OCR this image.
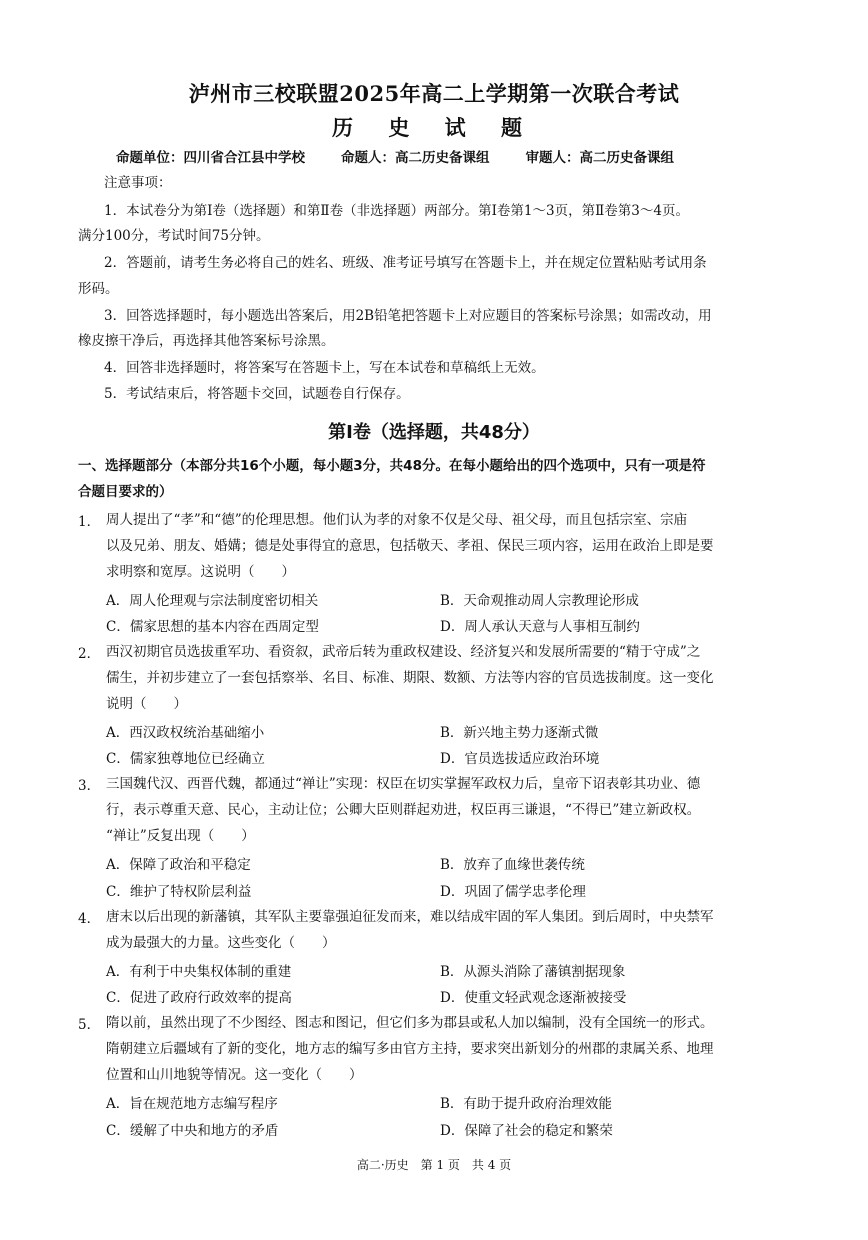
泸州市三校联盟2025年高二上学期第一次联合考试
历 史 试 题
命题单位：四川省合江县中学校	命题人：高二历史备课组	审题人：高二历史备课组
注意事项：
1．本试卷分为第Ⅰ卷（选择题）和第Ⅱ卷（非选择题）两部分。第Ⅰ卷第1～3页，第Ⅱ卷第3～4页。
满分100分，考试时间75分钟。
2．答题前，请考生务必将自己的姓名、班级、准考证号填写在答题卡上，并在规定位置粘贴考试用条
形码。
3．回答选择题时，每小题选出答案后，用2B铅笔把答题卡上对应题目的答案标号涂黑；如需改动，用
橡皮擦干净后，再选择其他答案标号涂黑。
4．回答非选择题时，将答案写在答题卡上，写在本试卷和草稿纸上无效。
5．考试结束后，将答题卡交回，试题卷自行保存。
第Ⅰ卷（选择题，共48分）
一、选择题部分（本部分共16个小题，每小题3分，共48分。在每小题给出的四个选项中，只有一项是符
合题目要求的）
1． 周人提出了“孝”和“德”的伦理思想。他们认为孝的对象不仅是父母、祖父母，而且包括宗室、宗庙
以及兄弟、朋友、婚媾；德是处事得宜的意思，包括敬天、孝祖、保民三项内容，运用在政治上即是要
求明察和宽厚。这说明（　　）
A．周人伦理观与宗法制度密切相关	B．天命观推动周人宗教理论形成
C．儒家思想的基本内容在西周定型	D．周人承认天意与人事相互制约
2． 西汉初期官员选拔重军功、看资叙，武帝后转为重政权建设、经济复兴和发展所需要的“精于守成”之
儒生，并初步建立了一套包括察举、名目、标准、期限、数额、方法等内容的官员选拔制度。这一变化
说明（　　）
A．西汉政权统治基础缩小	B．新兴地主势力逐渐式微
C．儒家独尊地位已经确立	D．官员选拔适应政治环境
3． 三国魏代汉、西晋代魏，都通过“禅让”实现：权臣在切实掌握军政权力后，皇帝下诏表彰其功业、德
行，表示尊重天意、民心，主动让位；公卿大臣则群起劝进，权臣再三谦退，“不得已”建立新政权。
“禅让”反复出现（　　）
A．保障了政治和平稳定	B．放弃了血缘世袭传统
C．维护了特权阶层利益	D．巩固了儒学忠孝伦理
4． 唐末以后出现的新藩镇，其军队主要靠强迫征发而来，难以结成牢固的军人集团。到后周时，中央禁军
成为最强大的力量。这些变化（　　）
A．有利于中央集权体制的重建	B．从源头消除了藩镇割据现象
C．促进了政府行政效率的提高	D．使重文轻武观念逐渐被接受
5． 隋以前，虽然出现了不少图经、图志和图记，但它们多为郡县或私人加以编制，没有全国统一的形式。
隋朝建立后疆域有了新的变化，地方志的编写多由官方主持，要求突出新划分的州郡的隶属关系、地理
位置和山川地貌等情况。这一变化（　　）
A．旨在规范地方志编写程序	B．有助于提升政府治理效能
C．缓解了中央和地方的矛盾	D．保障了社会的稳定和繁荣
高二·历史　第 1 页　共 4 页
